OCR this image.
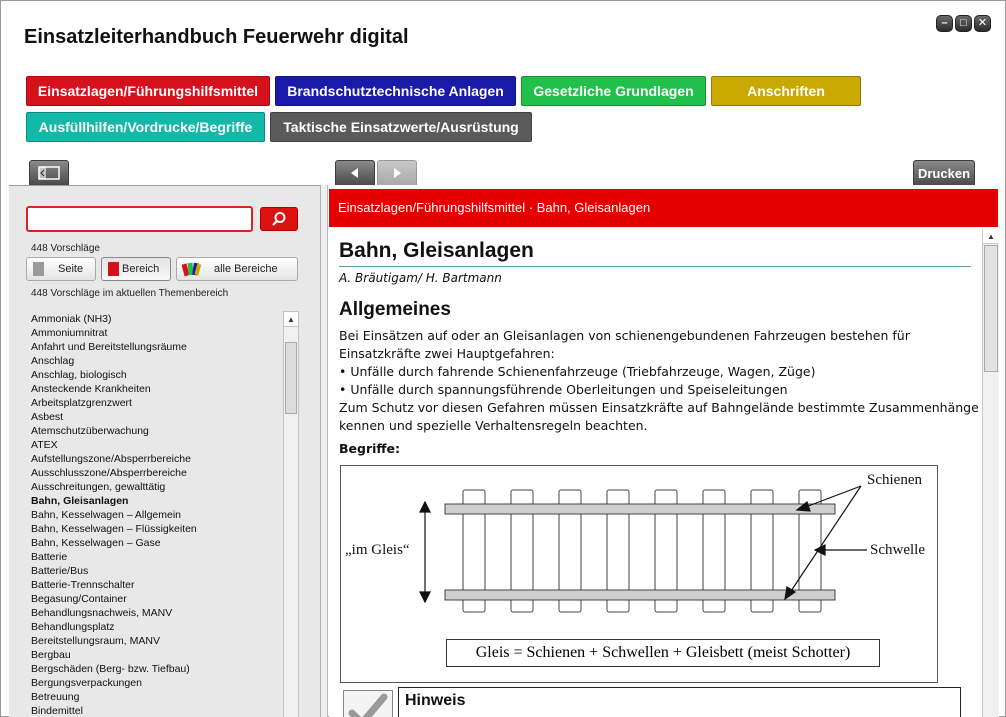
Einsatzleiterhandbuch Feuerwehr digital
–	□	✕
Einsatzlagen/Führungshilfsmittel	Brandschutztechnische Anlagen	Gesetzliche Grundlagen	Anschriften
Ausfüllhilfen/Vordrucke/Begriffe	Taktische Einsatzwerte/Ausrüstung
Drucken
448 Vorschläge
Seite	Bereich	alle Bereiche
448 Vorschläge im aktuellen Themenbereich
Ammoniak (NH3)
Ammoniumnitrat
Anfahrt und Bereitstellungsräume
Anschlag
Anschlag, biologisch
Ansteckende Krankheiten
Arbeitsplatzgrenzwert
Asbest
Atemschutzüberwachung
ATEX
Aufstellungszone/Absperrbereiche
Ausschlusszone/Absperrbereiche
Ausschreitungen, gewalttätig
Bahn, Gleisanlagen
Bahn, Kesselwagen – Allgemein
Bahn, Kesselwagen – Flüssigkeiten
Bahn, Kesselwagen – Gase
Batterie
Batterie/Bus
Batterie-Trennschalter
Begasung/Container
Behandlungsnachweis, MANV
Behandlungsplatz
Bereitstellungsraum, MANV
Bergbau
Bergschäden (Berg- bzw. Tiefbau)
Bergungsverpackungen
Betreuung
Bindemittel
▲
Einsatzlagen/Führungshilfsmittel · Bahn, Gleisanlagen
Bahn, Gleisanlagen
A. Bräutigam/ H. Bartmann
Allgemeines
Bei Einsätzen auf oder an Gleisanlagen von schienengebundenen Fahrzeugen bestehen für Einsatzkräfte zwei Hauptgefahren:
• Unfälle durch fahrende Schienenfahrzeuge (Triebfahrzeuge, Wagen, Züge)
• Unfälle durch spannungsführende Oberleitungen und Speiseleitungen
Zum Schutz vor diesen Gefahren müssen Einsatzkräfte auf Bahngelände bestimmte Zusammenhänge kennen und spezielle Verhaltensregeln beachten.
Begriffe:
Schienen
Schwelle
„im Gleis“
Gleis = Schienen + Schwellen + Gleisbett (meist Schotter)
Hinweis
▲
